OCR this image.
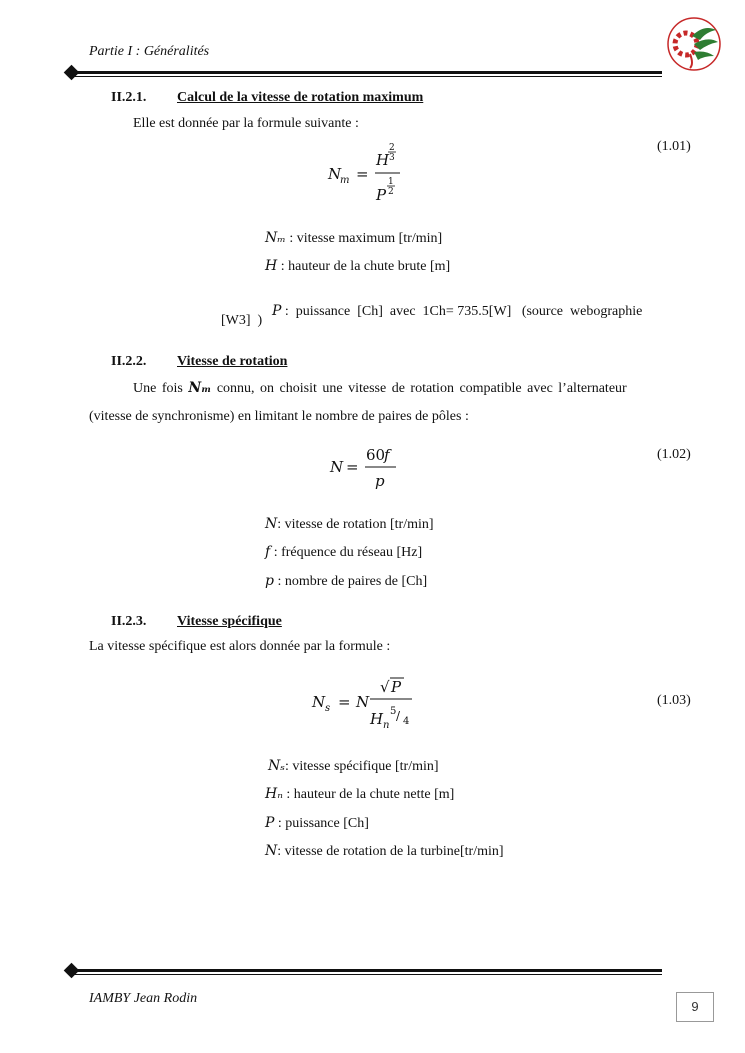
Partie I : Généralités
II.2.1. Calcul de la vitesse de rotation maximum
Elle est donnée par la formule suivante :
N
m =
H
2
3
P
1
2
(1.01)
Nₘ : vitesse maximum [tr/min]
H : hauteur de la chute brute [m]

P :  puissance  [Ch]  avec  1Ch= 735.5[W]   (source  webographie

[W3]  )
II.2.2. Vitesse de rotation
Une fois Nₘ connu, on choisit une vitesse de rotation compatible avec l’alternateur
(vitesse de synchronisme) en limitant le nombre de paires de pôles :
N =
60
f
p
(1.02)
N: vitesse de rotation [tr/min]
f : fréquence du réseau [Hz]
p : nombre de paires de [Ch]
II.2.3. Vitesse spécifique
La vitesse spécifique est alors donnée par la formule :
N s = N
√ P
H n
5 / 4
(1.03)
Nₛ: vitesse spécifique [tr/min]
Hₙ : hauteur de la chute nette [m]
P : puissance [Ch]
N: vitesse de rotation de la turbine[tr/min]
IAMBY Jean Rodin
9
